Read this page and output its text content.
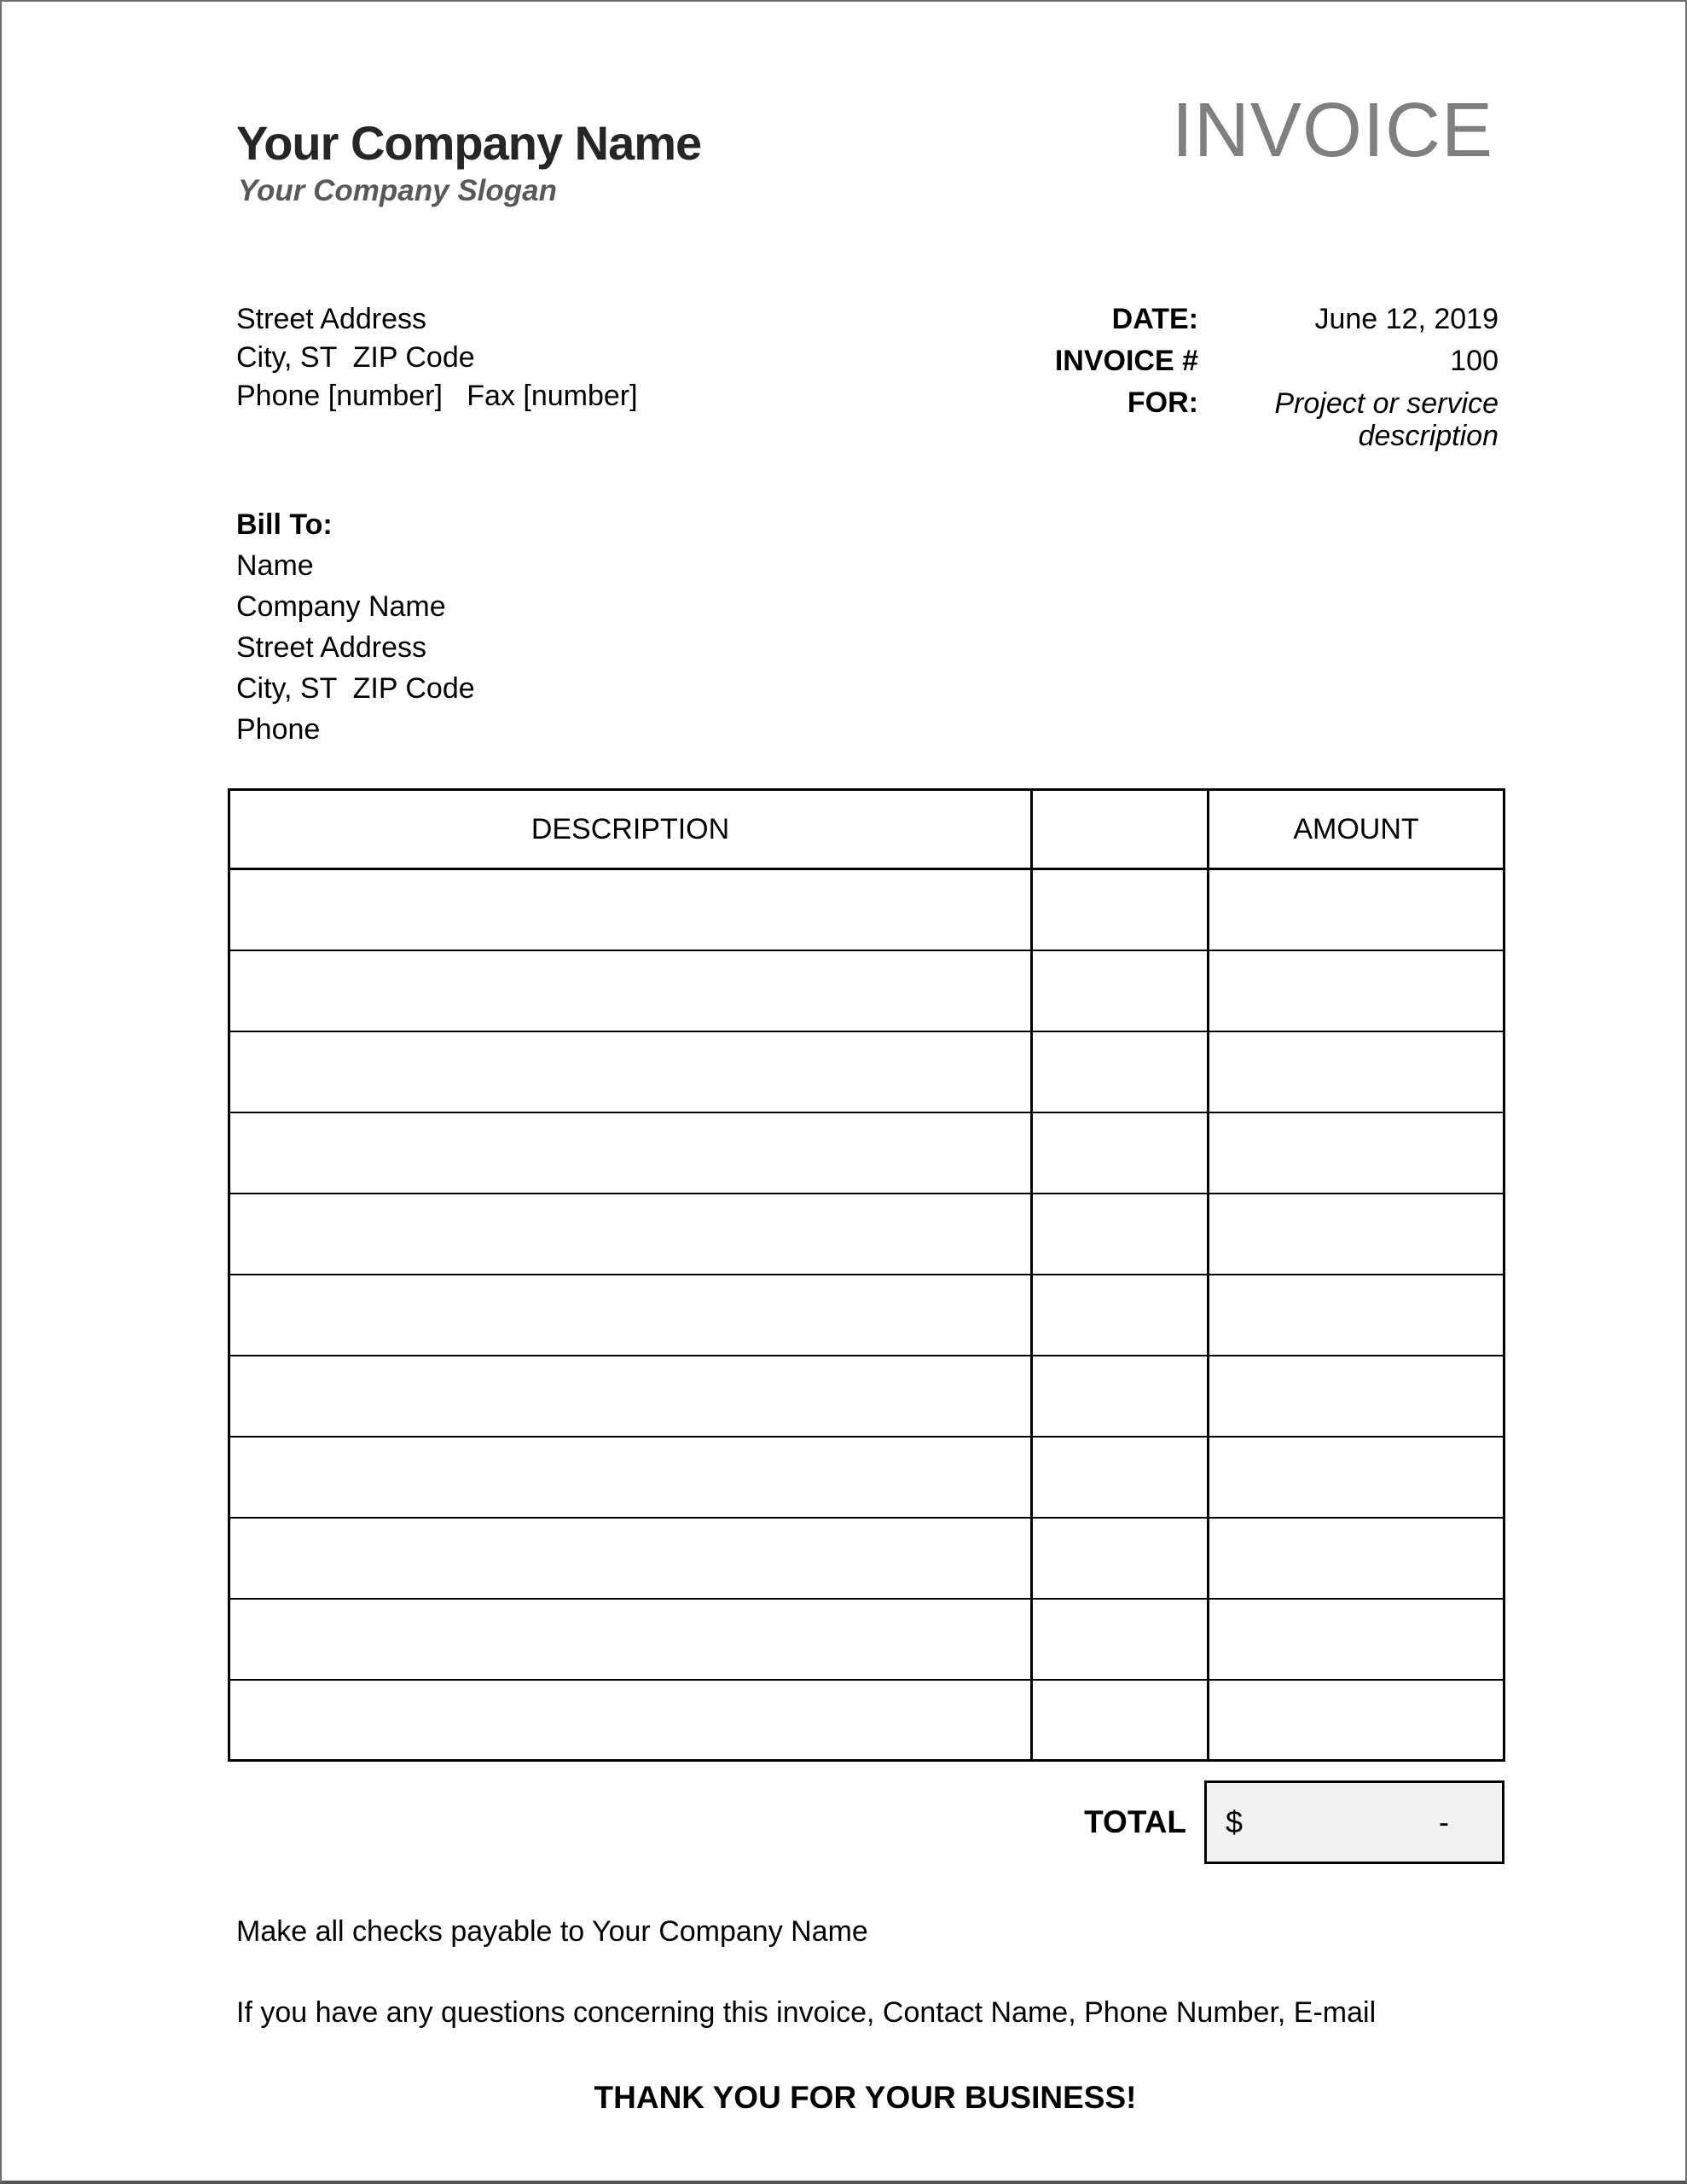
Your Company Name
Your Company Slogan
INVOICE
Street Address
City, ST  ZIP Code
Phone [number]   Fax [number]
DATE:	June 12, 2019
INVOICE #	100
FOR:	Project or service description
Bill To:
Name
Company Name
Street Address
City, ST  ZIP Code
Phone
DESCRIPTION		AMOUNT

TOTAL $	-
Make all checks payable to Your Company Name
If you have any questions concerning this invoice, Contact Name, Phone Number, E-mail
THANK YOU FOR YOUR BUSINESS!
